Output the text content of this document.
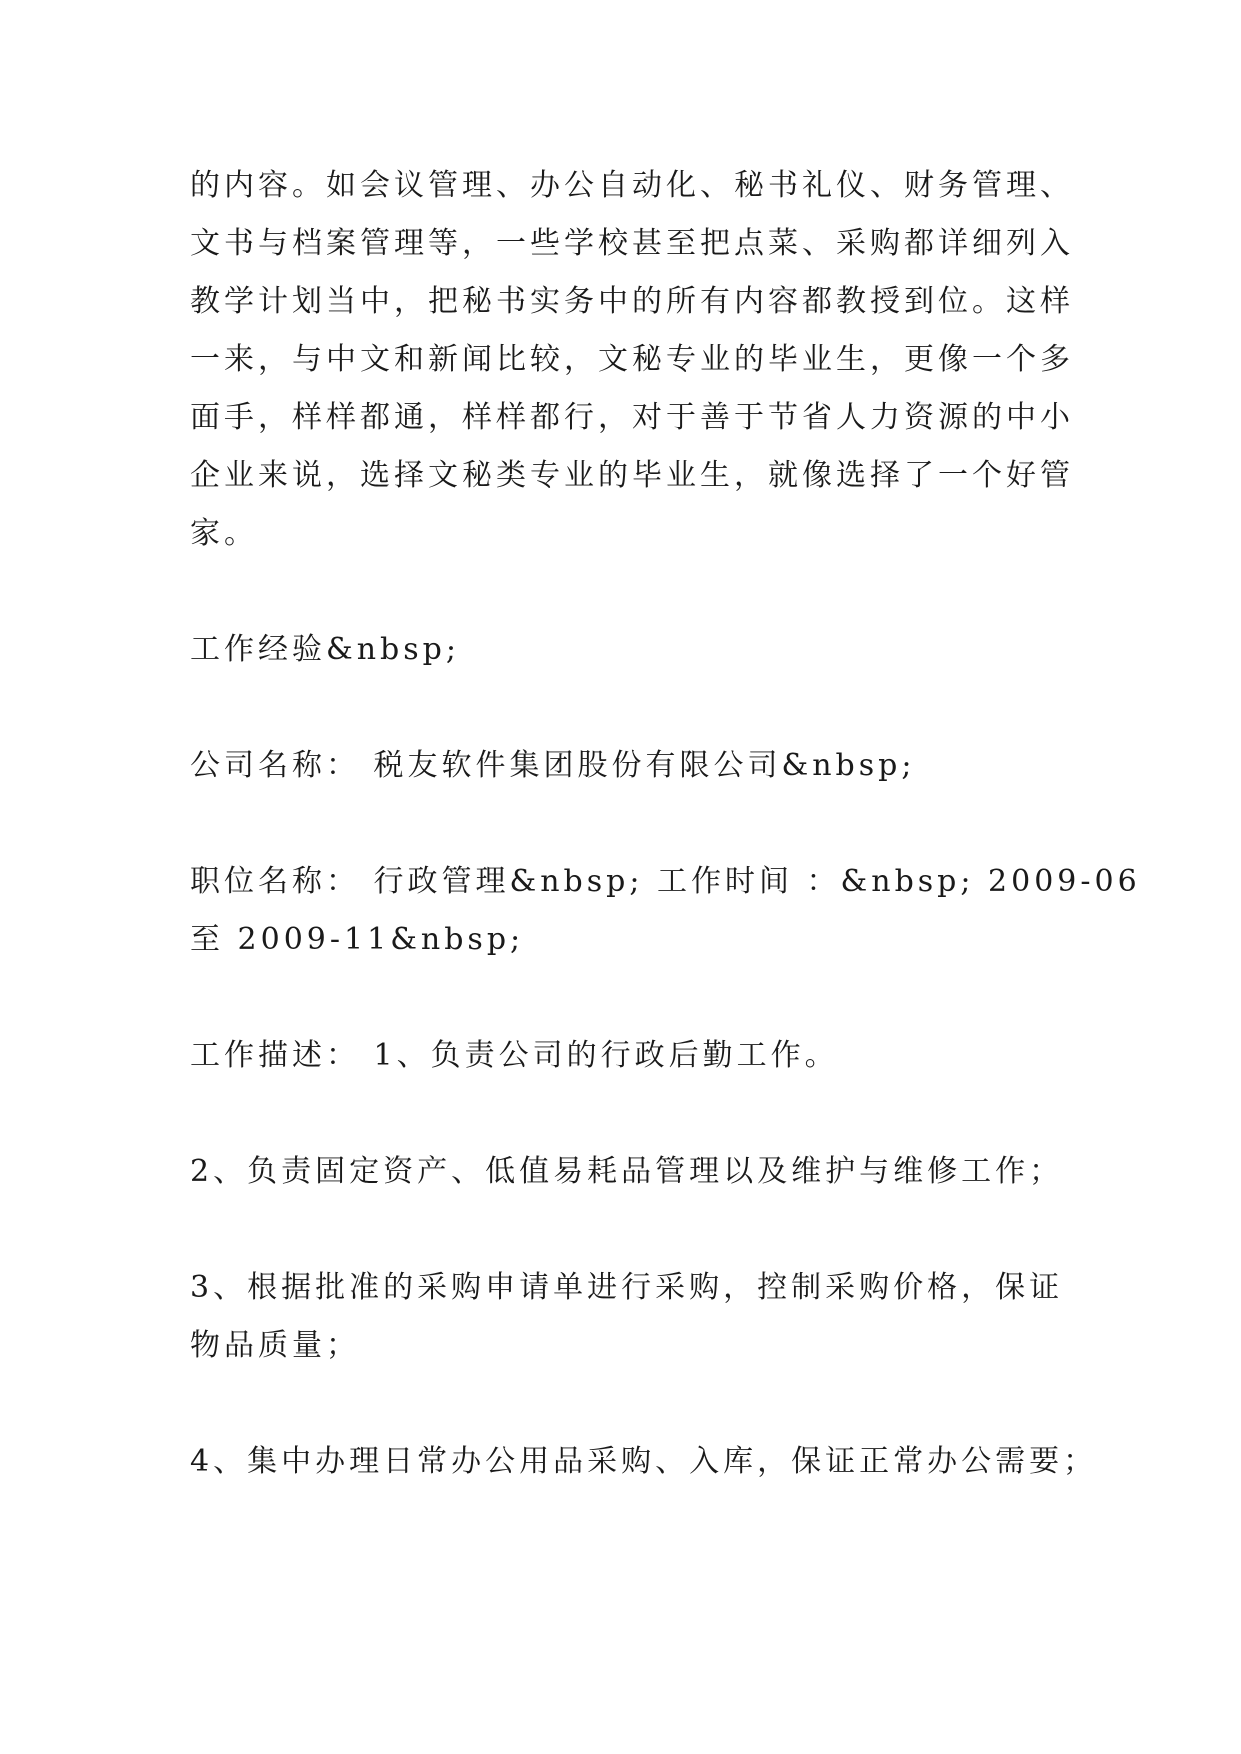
的内容。如会议管理、办公自动化、秘书礼仪、财务管理、
文书与档案管理等，一些学校甚至把点菜、采购都详细列入
教学计划当中，把秘书实务中的所有内容都教授到位。这样
一来，与中文和新闻比较，文秘专业的毕业生，更像一个多
面手，样样都通，样样都行，对于善于节省人力资源的中小
企业来说，选择文秘类专业的毕业生，就像选择了一个好管
家。
工作经验&nbsp;
公司名称： 税友软件集团股份有限公司&nbsp;
职位名称： 行政管理&nbsp; 工作时间 ：&nbsp; 2009-06
至 2009-11&nbsp;
工作描述： 1、负责公司的行政后勤工作。
2、负责固定资产、低值易耗品管理以及维护与维修工作；
3、根据批准的采购申请单进行采购，控制采购价格，保证
物品质量；
4、集中办理日常办公用品采购、入库，保证正常办公需要；
